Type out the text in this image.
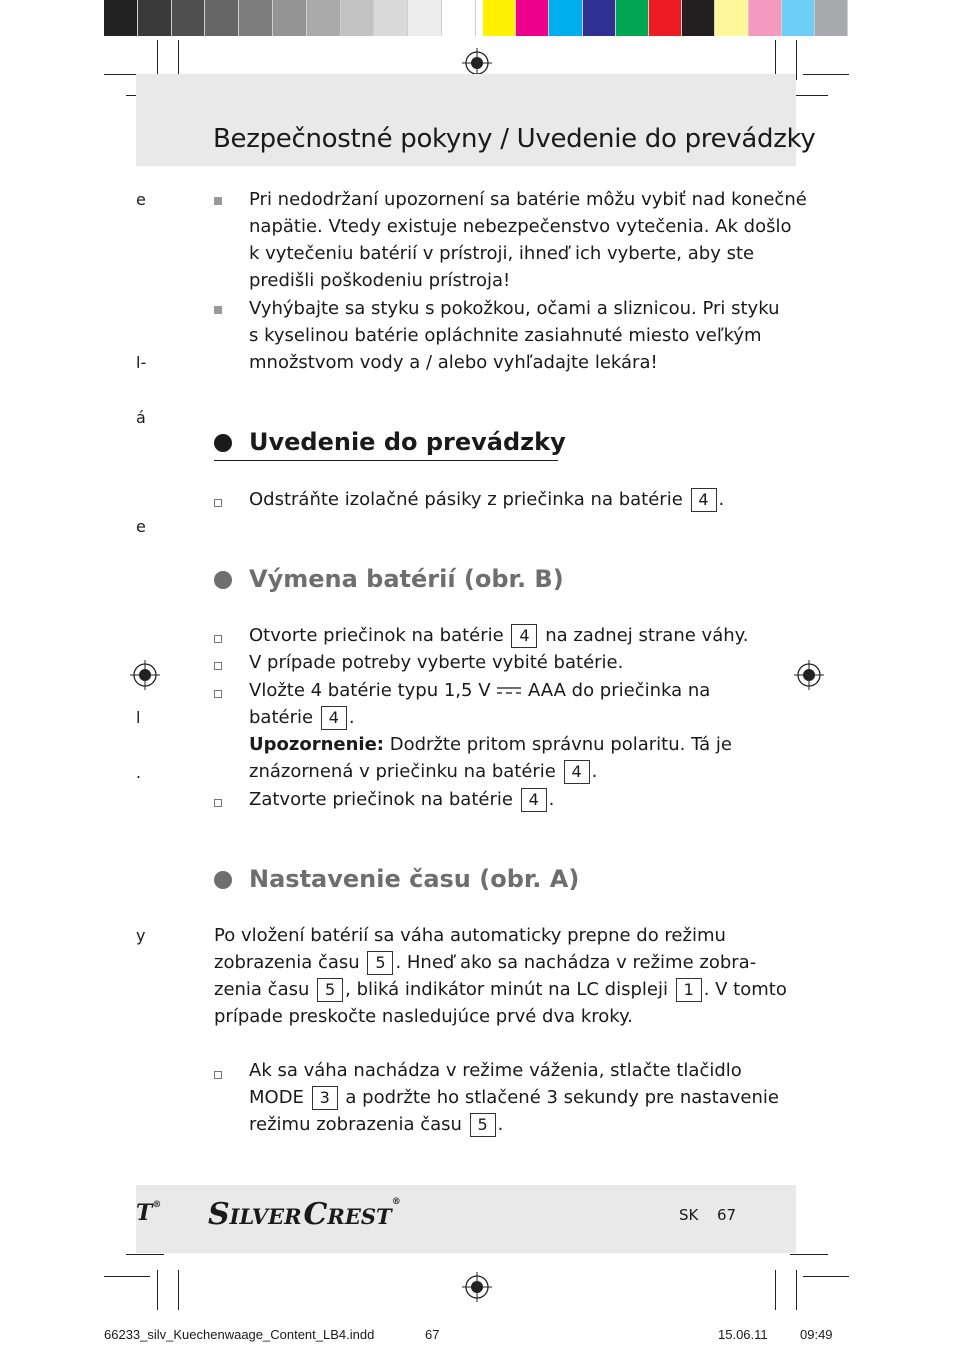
Bezpečnostné pokyny / Uvedenie do prevádzky
e
l-
á
e
l
.
y
Pri nedodržaní upozornení sa batérie môžu vybiť nad konečné
napätie. Vtedy existuje nebezpečenstvo vytečenia. Ak došlo
k vytečeniu batérií v prístroji, ihneď ich vyberte, aby ste
predišli poškodeniu prístroja!
Vyhýbajte sa styku s pokožkou, očami a sliznicou. Pri styku
s kyselinou batérie opláchnite zasiahnuté miesto veľkým
množstvom vody a / alebo vyhľadajte lekára!
Uvedenie do prevádzky
Odstráňte izolačné pásiky z priečinka na batérie 4 .
Výmena batérií (obr. B)
Otvorte priečinok na batérie 4 na zadnej strane váhy.
V prípade potreby vyberte vybité batérie.
Vložte 4 batérie typu 1,5 V AAA do priečinka na
batérie 4 .
Upozornenie: Dodržte pritom správnu polaritu. Tá je
znázornená v priečinku na batérie 4 .
Zatvorte priečinok na batérie 4 .
Nastavenie času (obr. A)
Po vložení batérií sa váha automaticky prepne do režimu
zobrazenia času 5 . Hneď ako sa nachádza v režime zobra-
zenia času 5 , bliká indikátor minút na LC displeji 1 . V tomto
prípade preskočte nasledujúce prvé dva kroky.
Ak sa váha nachádza v režime váženia, stlačte tlačidlo
MODE 3 a podržte ho stlačené 3 sekundy pre nastavenie
režimu zobrazenia času 5 .
T® SILVERCREST®
SK 67
66233_silv_Kuechenwaage_Content_LB4.indd	67	15.06.11 09:49
